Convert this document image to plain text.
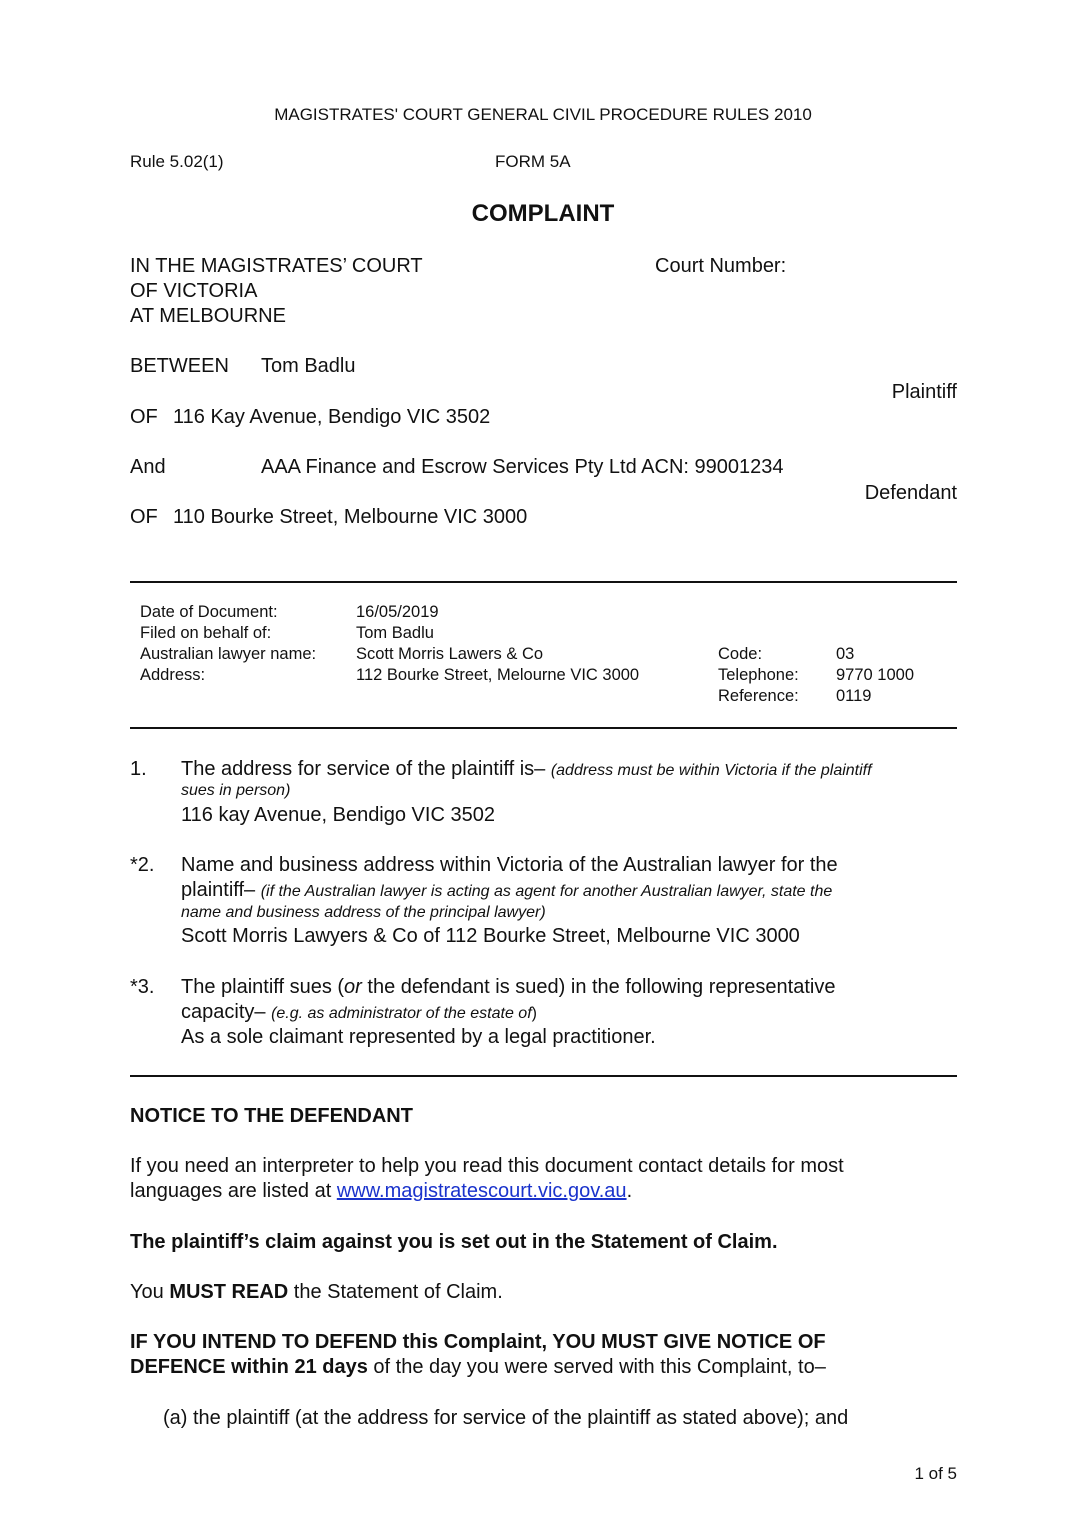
MAGISTRATES' COURT GENERAL CIVIL PROCEDURE RULES 2010

Rule 5.02(1)	FORM 5A

COMPLAINT

IN THE MAGISTRATES’ COURT

OF VICTORIA

AT MELBOURNE

Court Number:

BETWEEN Tom Badlu

Plaintiff

OF 116 Kay Avenue, Bendigo VIC 3502

And	AAA Finance and Escrow Services Pty Ltd ACN: 99001234

Defendant

OF 110 Bourke Street, Melbourne VIC 3000

Date of Document:	16/05/2019
Filed on behalf of:	Tom Badlu
Australian lawyer name: Scott Morris Lawers & Co	Code:	03
Address:	112 Bourke Street, Melourne VIC 3000	Telephone: 9770 1000
Reference: 0119

1. The address for service of the plaintiff is– (address must be within Victoria if the plaintiff

sues in person)

116 kay Avenue, Bendigo VIC 3502

*2. Name and business address within Victoria of the Australian lawyer for the

plaintiff– (if the Australian lawyer is acting as agent for another Australian lawyer, state the

name and business address of the principal lawyer)

Scott Morris Lawyers & Co of 112 Bourke Street, Melbourne VIC 3000

*3. The plaintiff sues (or the defendant is sued) in the following representative

capacity– (e.g. as administrator of the estate of)

As a sole claimant represented by a legal practitioner.

NOTICE TO THE DEFENDANT

If you need an interpreter to help you read this document contact details for most

languages are listed at www.magistratescourt.vic.gov.au.

The plaintiff’s claim against you is set out in the Statement of Claim.

You MUST READ the Statement of Claim.

IF YOU INTEND TO DEFEND this Complaint, YOU MUST GIVE NOTICE OF

DEFENCE within 21 days of the day you were served with this Complaint, to–

(a) the plaintiff (at the address for service of the plaintiff as stated above); and

1 of 5
